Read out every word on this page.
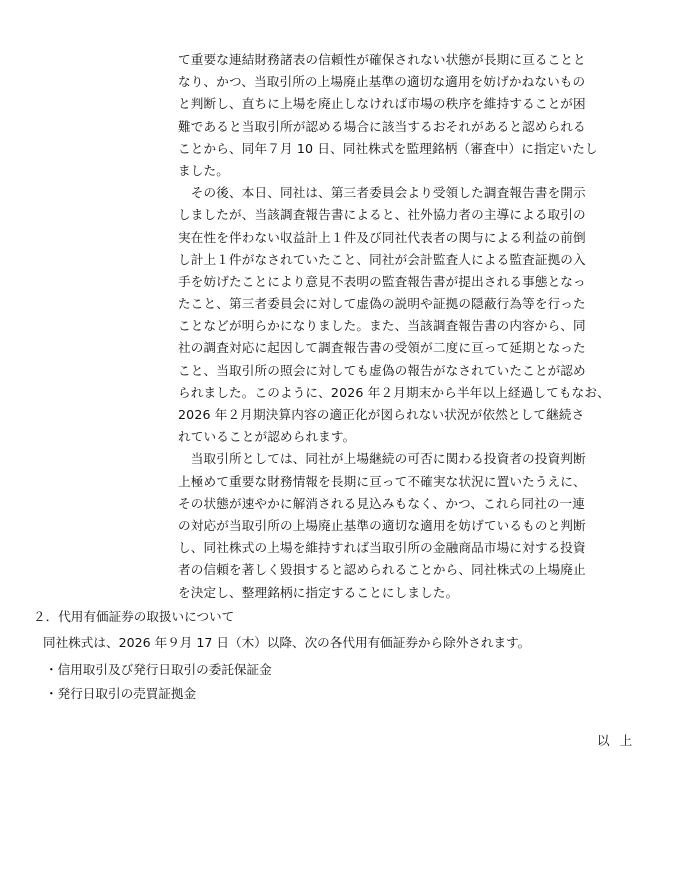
て重要な連結財務諸表の信頼性が確保されない状態が長期に亘ることと
なり、かつ、当取引所の上場廃止基準の適切な適用を妨げかねないもの
と判断し、直ちに上場を廃止しなければ市場の秩序を維持することが困
難であると当取引所が認める場合に該当するおそれがあると認められる
ことから、同年７月 10 日、同社株式を監理銘柄（審査中）に指定いたし
ました。
　その後、本日、同社は、第三者委員会より受領した調査報告書を開示
しましたが、当該調査報告書によると、社外協力者の主導による取引の
実在性を伴わない収益計上１件及び同社代表者の関与による利益の前倒
し計上１件がなされていたこと、同社が会計監査人による監査証拠の入
手を妨げたことにより意見不表明の監査報告書が提出される事態となっ
たこと、第三者委員会に対して虚偽の説明や証拠の隠蔽行為等を行った
ことなどが明らかになりました。また、当該調査報告書の内容から、同
社の調査対応に起因して調査報告書の受領が二度に亘って延期となった
こと、当取引所の照会に対しても虚偽の報告がなされていたことが認め
られました。このように、2026 年２月期末から半年以上経過してもなお、
2026 年２月期決算内容の適正化が図られない状況が依然として継続さ
れていることが認められます。
　当取引所としては、同社が上場継続の可否に関わる投資者の投資判断
上極めて重要な財務情報を長期に亘って不確実な状況に置いたうえに、
その状態が速やかに解消される見込みもなく、かつ、これら同社の一連
の対応が当取引所の上場廃止基準の適切な適用を妨げているものと判断
し、同社株式の上場を維持すれば当取引所の金融商品市場に対する投資
者の信頼を著しく毀損すると認められることから、同社株式の上場廃止
を決定し、整理銘柄に指定することにしました。
２．代用有価証券の取扱いについて
同社株式は、2026 年９月 17 日（木）以降、次の各代用有価証券から除外されます。
・信用取引及び発行日取引の委託保証金
・発行日取引の売買証拠金
以 上
